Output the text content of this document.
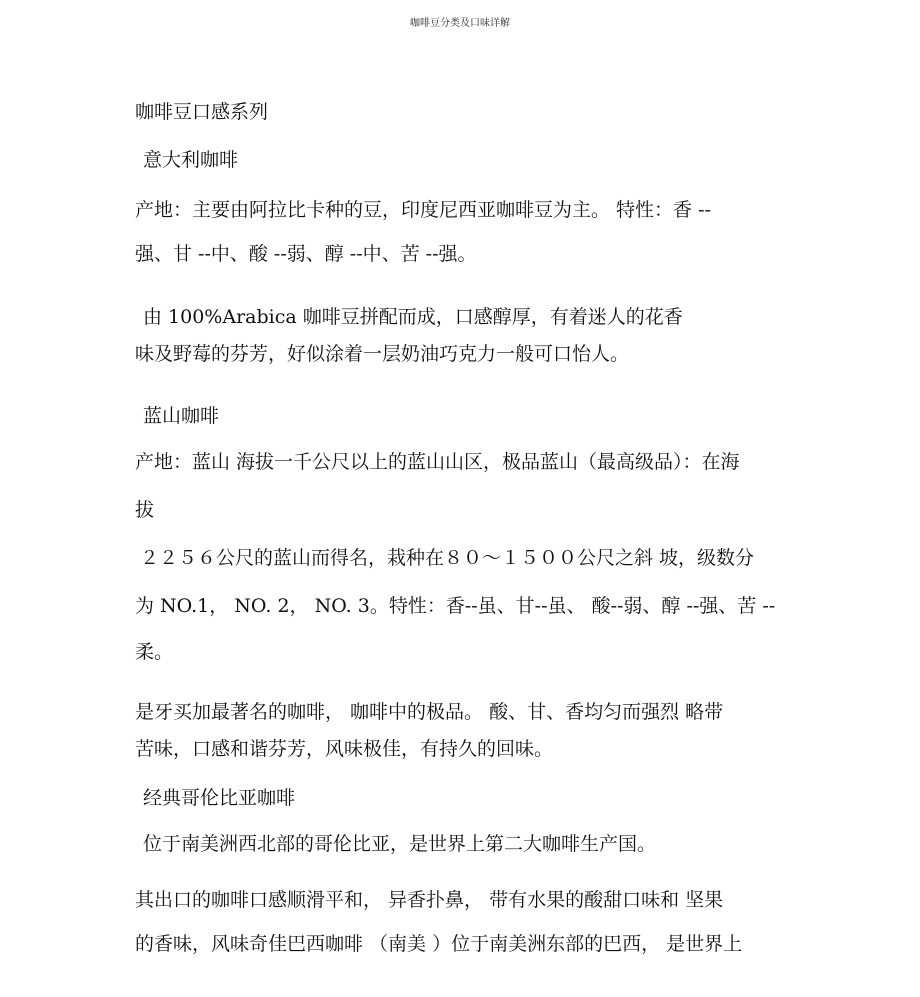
咖啡豆分类及口味详解
咖啡豆口感系列
意大利咖啡
产地：主要由阿拉比卡种的豆，印度尼西亚咖啡豆为主。 特性：香 --
强、甘 --中、酸 --弱、醇 --中、苦 --强。
由 100%Arabica 咖啡豆拼配而成，口感醇厚，有着迷人的花香
味及野莓的芬芳，好似涂着一层奶油巧克力一般可口怡人。
蓝山咖啡
产地：蓝山 海拔一千公尺以上的蓝山山区，极品蓝山（最高级品）：在海
拔
２２５６公尺的蓝山而得名，栽种在８０～１５００公尺之斜 坡，级数分
为 NO.1， NO. 2， NO. 3。特性：香--虽、甘--虽、 酸--弱、醇 --强、苦 --
柔。
是牙买加最著名的咖啡， 咖啡中的极品。 酸、甘、香均匀而强烈 略带
苦味，口感和谐芬芳，风味极佳，有持久的回味。
经典哥伦比亚咖啡
位于南美洲西北部的哥伦比亚，是世界上第二大咖啡生产国。
其出口的咖啡口感顺滑平和， 异香扑鼻， 带有水果的酸甜口味和 坚果
的香味，风味奇佳巴西咖啡 （南美 ）位于南美洲东部的巴西， 是世界上
